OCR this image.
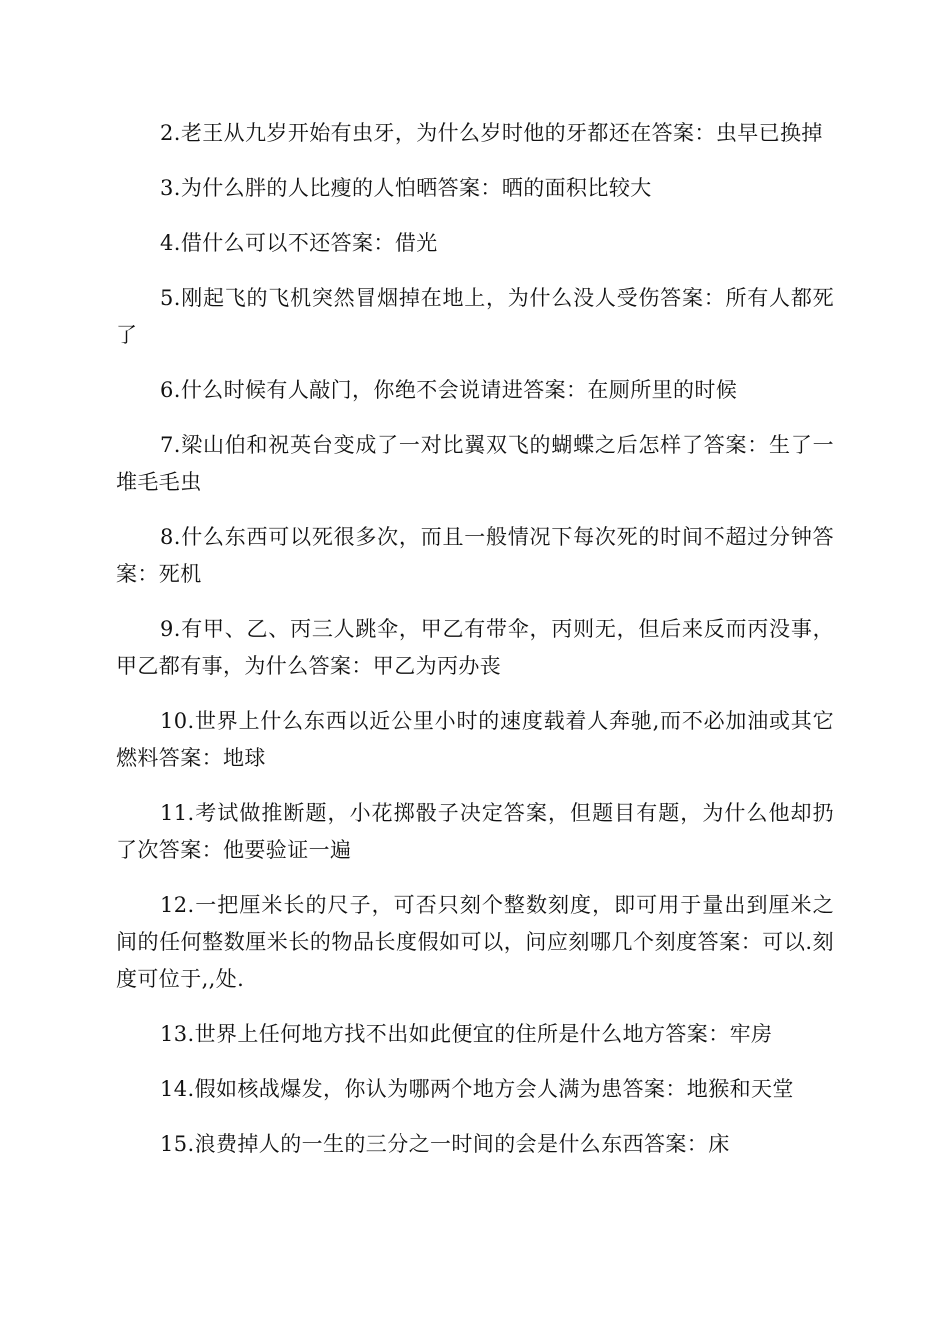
2.老王从九岁开始有虫牙，为什么岁时他的牙都还在答案：虫早已换掉

3.为什么胖的人比瘦的人怕晒答案：晒的面积比较大

4.借什么可以不还答案：借光

5.刚起飞的飞机突然冒烟掉在地上，为什么没人受伤答案：所有人都死了

6.什么时候有人敲门，你绝不会说请进答案：在厕所里的时候

7.梁山伯和祝英台变成了一对比翼双飞的蝴蝶之后怎样了答案：生了一堆毛毛虫

8.什么东西可以死很多次，而且一般情况下每次死的时间不超过分钟答案：死机

9.有甲、乙、丙三人跳伞，甲乙有带伞，丙则无，但后来反而丙没事，甲乙都有事，为什么答案：甲乙为丙办丧

10.世界上什么东西以近公里小时的速度载着人奔驰,而不必加油或其它燃料答案：地球

11.考试做推断题，小花掷骰子决定答案，但题目有题，为什么他却扔了次答案：他要验证一遍

12.一把厘米长的尺子，可否只刻个整数刻度，即可用于量出到厘米之间的任何整数厘米长的物品长度假如可以，问应刻哪几个刻度答案：可以.刻度可位于,,处.

13.世界上任何地方找不出如此便宜的住所是什么地方答案：牢房

14.假如核战爆发，你认为哪两个地方会人满为患答案：地猴和天堂

15.浪费掉人的一生的三分之一时间的会是什么东西答案：床
